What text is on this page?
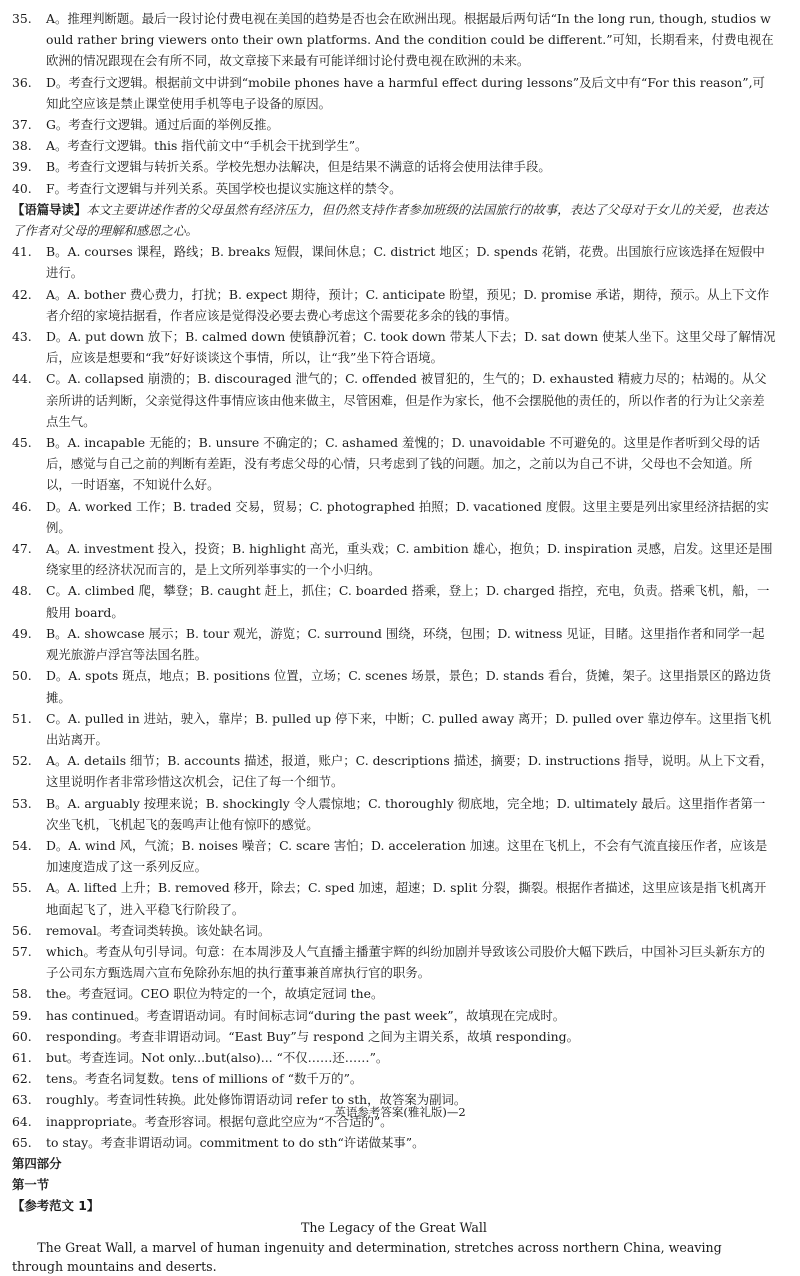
35. A。推理判断题。最后一段讨论付费电视在美国的趋势是否也会在欧洲出现。根据最后两句话“In the long run, though, studios would rather bring viewers onto their own platforms. And the condition could be different.”可知，长期看来，付费电视在欧洲的情况跟现在会有所不同，故文章接下来最有可能详细讨论付费电视在欧洲的未来。

36. D。考查行文逻辑。根据前文中讲到“mobile phones have a harmful effect during lessons”及后文中有“For this reason”,可知此空应该是禁止课堂使用手机等电子设备的原因。

37. G。考查行文逻辑。通过后面的举例反推。

38. A。考查行文逻辑。this 指代前文中“手机会干扰到学生”。

39. B。考查行文逻辑与转折关系。学校先想办法解决，但是结果不满意的话将会使用法律手段。

40. F。考查行文逻辑与并列关系。英国学校也提议实施这样的禁令。

【语篇导读】本文主要讲述作者的父母虽然有经济压力，但仍然支持作者参加班级的法国旅行的故事，表达了父母对于女儿的关爱，也表达了作者对父母的理解和感恩之心。

41. B。A. courses 课程，路线；B. breaks 短假，课间休息；C. district 地区；D. spends 花销，花费。出国旅行应该选择在短假中进行。

42. A。A. bother 费心费力，打扰；B. expect 期待，预计；C. anticipate 盼望，预见；D. promise 承诺，期待，预示。从上下文作者介绍的家境拮据看，作者应该是觉得没必要去费心考虑这个需要花多余的钱的事情。

43. D。A. put down 放下；B. calmed down 使镇静沉着；C. took down 带某人下去；D. sat down 使某人坐下。这里父母了解情况后，应该是想要和“我”好好谈谈这个事情，所以，让“我”坐下符合语境。

44. C。A. collapsed 崩溃的；B. discouraged 泄气的；C. offended 被冒犯的，生气的；D. exhausted 精疲力尽的；枯竭的。从父亲所讲的话判断，父亲觉得这件事情应该由他来做主，尽管困难，但是作为家长，他不会摆脱他的责任的，所以作者的行为让父亲差点生气。

45. B。A. incapable 无能的；B. unsure 不确定的；C. ashamed 羞愧的；D. unavoidable 不可避免的。这里是作者听到父母的话后，感觉与自己之前的判断有差距，没有考虑父母的心情，只考虑到了钱的问题。加之，之前以为自己不讲，父母也不会知道。所以，一时语塞，不知说什么好。

46. D。A. worked 工作；B. traded 交易，贸易；C. photographed 拍照；D. vacationed 度假。这里主要是列出家里经济拮据的实例。

47. A。A. investment 投入，投资；B. highlight 高光，重头戏；C. ambition 雄心，抱负；D. inspiration 灵感，启发。这里还是围绕家里的经济状况而言的，是上文所列举事实的一个小归纳。

48. C。A. climbed 爬，攀登；B. caught 赶上，抓住；C. boarded 搭乘，登上；D. charged 指控，充电，负责。搭乘飞机，船，一般用 board。

49. B。A. showcase 展示；B. tour 观光，游览；C. surround 围绕，环绕，包围；D. witness 见证，目睹。这里指作者和同学一起观光旅游卢浮宫等法国名胜。

50. D。A. spots 斑点，地点；B. positions 位置，立场；C. scenes 场景，景色；D. stands 看台，货摊，架子。这里指景区的路边货摊。

51. C。A. pulled in 进站，驶入，靠岸；B. pulled up 停下来，中断；C. pulled away 离开；D. pulled over 靠边停车。这里指飞机出站离开。

52. A。A. details 细节；B. accounts 描述，报道，账户；C. descriptions 描述，摘要；D. instructions 指导，说明。从上下文看，这里说明作者非常珍惜这次机会，记住了每一个细节。

53. B。A. arguably 按理来说；B. shockingly 令人震惊地；C. thoroughly 彻底地，完全地；D. ultimately 最后。这里指作者第一次坐飞机，飞机起飞的轰鸣声让他有惊吓的感觉。

54. D。A. wind 风，气流；B. noises 噪音；C. scare 害怕；D. acceleration 加速。这里在飞机上，不会有气流直接压作者，应该是加速度造成了这一系列反应。

55. A。A. lifted 上升；B. removed 移开，除去；C. sped 加速，超速；D. split 分裂，撕裂。根据作者描述，这里应该是指飞机离开地面起飞了，进入平稳飞行阶段了。

56. removal。考查词类转换。该处缺名词。

57. which。考查从句引导词。句意：在本周涉及人气直播主播董宇辉的纠纷加剧并导致该公司股价大幅下跌后，中国补习巨头新东方的子公司东方甄选周六宣布免除孙东旭的执行董事兼首席执行官的职务。

58. the。考查冠词。CEO 职位为特定的一个，故填定冠词 the。

59. has continued。考查谓语动词。有时间标志词“during the past week”，故填现在完成时。

60. responding。考查非谓语动词。“East Buy”与 respond 之间为主谓关系，故填 responding。

61. but。考查连词。Not only...but(also)... “不仅……还……”。

62. tens。考查名词复数。tens of millions of “数千万的”。

63. roughly。考查词性转换。此处修饰谓语动词 refer to sth，故答案为副词。

64. inappropriate。考查形容词。根据句意此空应为“不合适的”。

65. to stay。考查非谓语动词。commitment to do sth“许诺做某事”。

第四部分

第一节

【参考范文 1】

The Legacy of the Great Wall

The Great Wall, a marvel of human ingenuity and determination, stretches across northern China, weaving through mountains and deserts.

英语参考答案(雅礼版)—2
